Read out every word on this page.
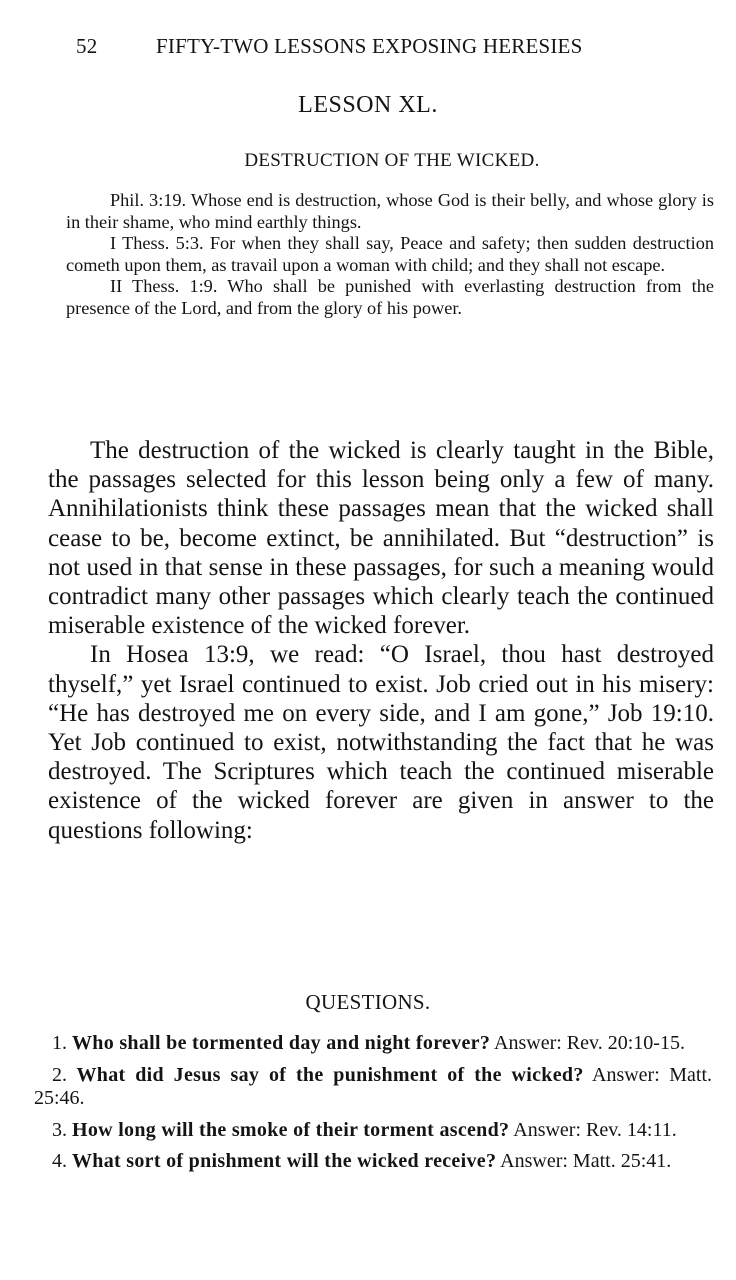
52	FIFTY-TWO LESSONS EXPOSING HERESIES
LESSON XL.
DESTRUCTION OF THE WICKED.

Phil. 3:19. Whose end is destruction, whose God is their belly, and whose glory is in their shame, who mind earthly things.

I Thess. 5:3. For when they shall say, Peace and safety; then sudden destruction cometh upon them, as travail upon a woman with child; and they shall not escape.

II Thess. 1:9. Who shall be punished with everlasting destruction from the presence of the Lord, and from the glory of his power.

The destruction of the wicked is clearly taught in the Bible, the passages selected for this lesson being only a few of many. Annihilationists think these passages mean that the wicked shall cease to be, become extinct, be annihilated. But “destruction” is not used in that sense in these passages, for such a meaning would contradict many other passages which clearly teach the continued miserable existence of the wicked forever.

In Hosea 13:9, we read: “O Israel, thou hast destroyed thyself,” yet Israel continued to exist. Job cried out in his misery: “He has destroyed me on every side, and I am gone,” Job 19:10. Yet Job continued to exist, notwithstanding the fact that he was destroyed. The Scriptures which teach the continued miserable existence of the wicked forever are given in answer to the questions following:

QUESTIONS.

1. Who shall be tormented day and night forever? Answer: Rev. 20:10-15.

2. What did Jesus say of the punishment of the wicked? Answer: Matt. 25:46.

3. How long will the smoke of their torment ascend? Answer: Rev. 14:11.

4. What sort of pnishment will the wicked receive? Answer: Matt. 25:41.
